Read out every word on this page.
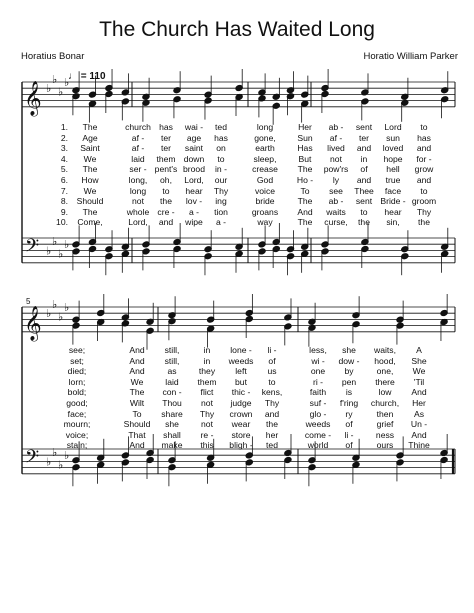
The Church Has Waited Long
Horatius Bonar	Horatio William Parker
♩ = 110
5
𝄞
𝄢
♭
♭
♭
♭
♭
♭
♭
♭
𝄞
𝄢
♭
♭
♭
♭
♭
♭
♭
♭
1. The	church has wai - ted	long	Her ab - sent Lord to
2. Age	af - ter age has	gone,	Sun af - ter sun has
3. Saint	af - ter saint on	earth	Has lived and loved and
4. We	laid them down to	sleep,	But not in hope for -
5. The	ser - pent's brood in -	crease The pow'rs of hell grow
6. How	long, oh, Lord, our	God	Ho - ly and true and
7. We	long to hear Thy	voice	To see Thee face to
8. Should	not the lov - ing	bride	The ab - sent Bride - groom
9. The	whole cre - a - tion	groans And waits to hear Thy
10. Come,	Lord, and wipe a -	way	The curse, the sin, the
see;	And still,	in lone - li -	less, she waits, A
set;	And still,	in weeds of	wi - dow - hood, She
died;	And	as	they left us	one by	one, We
lorn;	We	laid them but to	ri - pen there 'Til
bold;	The con - flict thic - kens,	faith is	low And
good;	Wilt Thou not judge Thy	suf - f'ring church, Her
face;	To share Thy crown and	glo - ry	then As
mourn;	Should she	not wear the	weeds of	grief Un -
voice;	That shall re - store her	come - li -	ness And
stain;	And make this bligh - ted	world of	ours Thine
